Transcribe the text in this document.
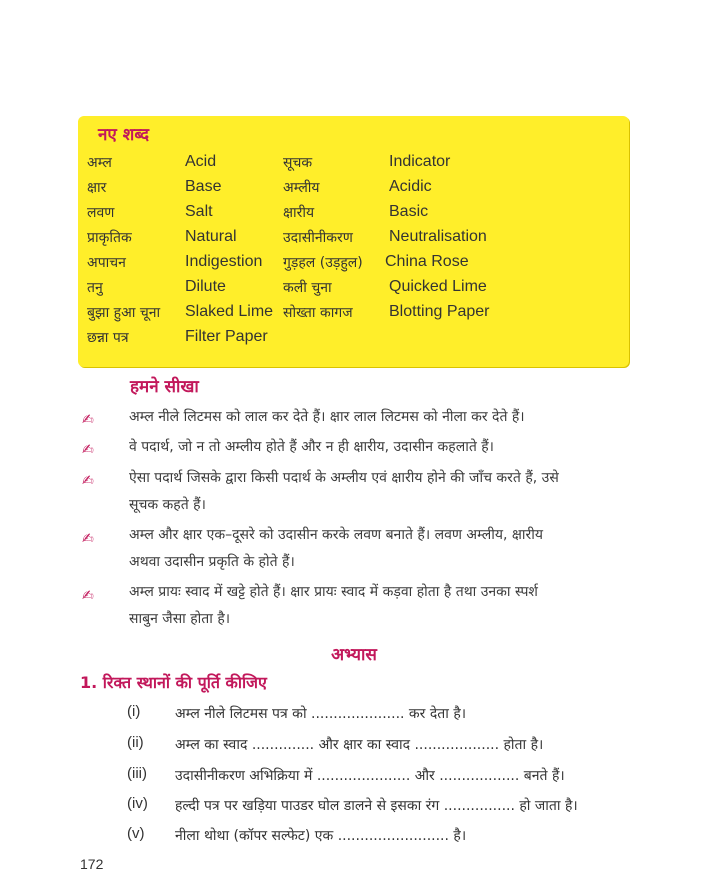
नए शब्द
अम्ल	Acid	सूचक	Indicator
क्षार	Base	अम्लीय	Acidic
लवण	Salt	क्षारीय	Basic
प्राकृतिक	Natural	उदासीनीकरण Neutralisation
अपाचन	Indigestion गुड़हल (उड़हुल) China Rose
तनु	Dilute	कली चुना	Quicked Lime
बुझा हुआ चूना Slaked Lime सोख्ता कागज Blotting Paper
छन्ना पत्र	Filter Paper
हमने सीखा
✍	अम्ल नीले लिटमस को लाल कर देते हैं। क्षार लाल लिटमस को नीला कर देते हैं।
✍	वे पदार्थ, जो न तो अम्लीय होते हैं और न ही क्षारीय, उदासीन कहलाते हैं।
✍	ऐसा पदार्थ जिसके द्वारा किसी पदार्थ के अम्लीय एवं क्षारीय होने की जाँच करते हैं, उसे
सूचक कहते हैं।
✍	अम्ल और क्षार एक–दूसरे को उदासीन करके लवण बनाते हैं। लवण अम्लीय, क्षारीय
अथवा उदासीन प्रकृति के होते हैं।
✍	अम्ल प्रायः स्वाद में खट्टे होते हैं। क्षार प्रायः स्वाद में कड़वा होता है तथा उनका स्पर्श
साबुन जैसा होता है।
अभ्यास
1. रिक्त स्थानों की पूर्ति कीजिए
(i) अम्ल नीले लिटमस पत्र को ..................... कर देता है।
(ii) अम्ल का स्वाद .............. और क्षार का स्वाद ................... होता है।
(iii) उदासीनीकरण अभिक्रिया में ..................... और .................. बनते हैं।
(iv) हल्दी पत्र पर खड़िया पाउडर घोल डालने से इसका रंग ................ हो जाता है।
(v) नीला थोथा (कॉपर सल्फेट) एक ......................... है।
172
